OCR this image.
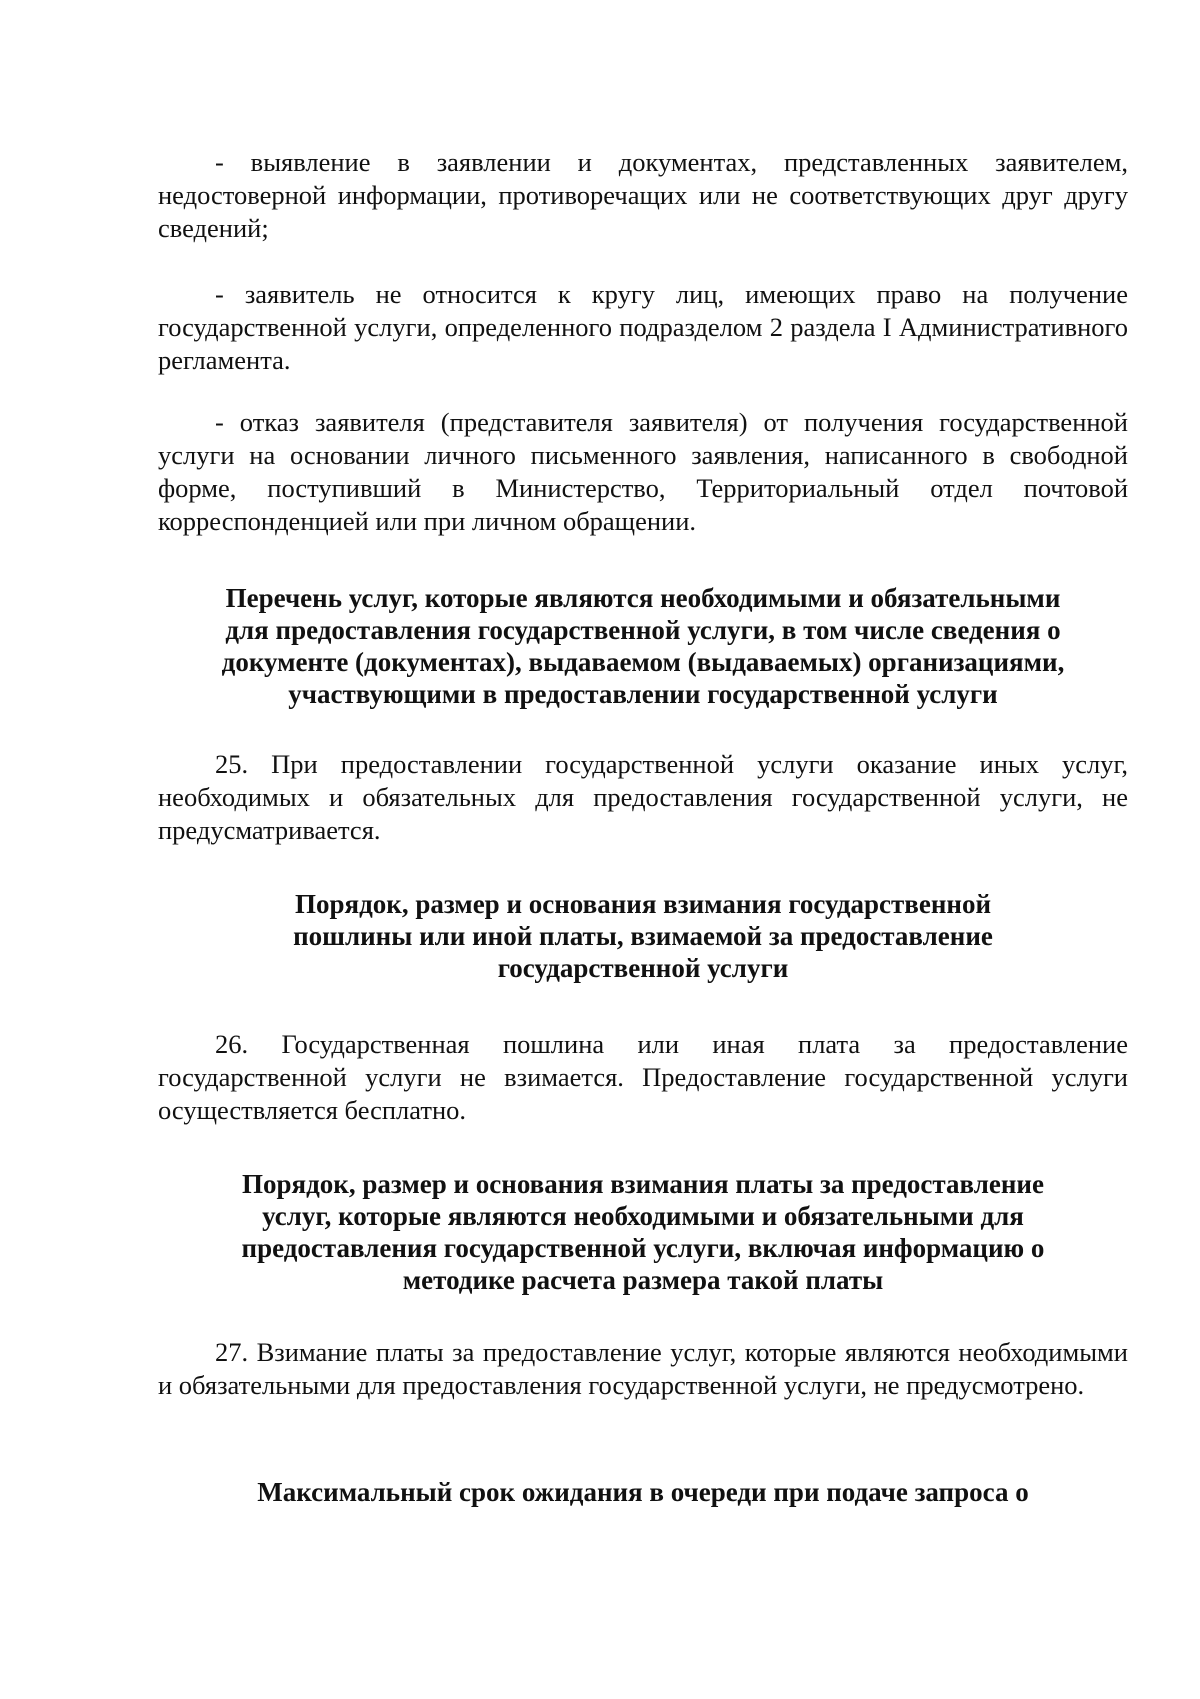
- выявление в заявлении и документах, представленных заявителем, недостоверной информации, противоречащих или не соответствующих друг другу сведений;

- заявитель не относится к кругу лиц, имеющих право на получение государственной услуги, определенного подразделом 2 раздела I Административного регламента.

- отказ заявителя (представителя заявителя) от получения государственной услуги на основании личного письменного заявления, написанного в свободной форме, поступивший в Министерство, Территориальный отдел почтовой корреспонденцией или при личном обращении.

Перечень услуг, которые являются необходимыми и обязательными
для предоставления государственной услуги, в том числе сведения о
документе (документах), выдаваемом (выдаваемых) организациями,
участвующими в предоставлении государственной услуги

25. При предоставлении государственной услуги оказание иных услуг, необходимых и обязательных для предоставления государственной услуги, не предусматривается.

Порядок, размер и основания взимания государственной
пошлины или иной платы, взимаемой за предоставление
государственной услуги

26. Государственная пошлина или иная плата за предоставление государственной услуги не взимается. Предоставление государственной услуги осуществляется бесплатно.

Порядок, размер и основания взимания платы за предоставление
услуг, которые являются необходимыми и обязательными для
предоставления государственной услуги, включая информацию о
методике расчета размера такой платы

27. Взимание платы за предоставление услуг, которые являются необходимыми и обязательными для предоставления государственной услуги, не предусмотрено.

Максимальный срок ожидания в очереди при подаче запроса о
